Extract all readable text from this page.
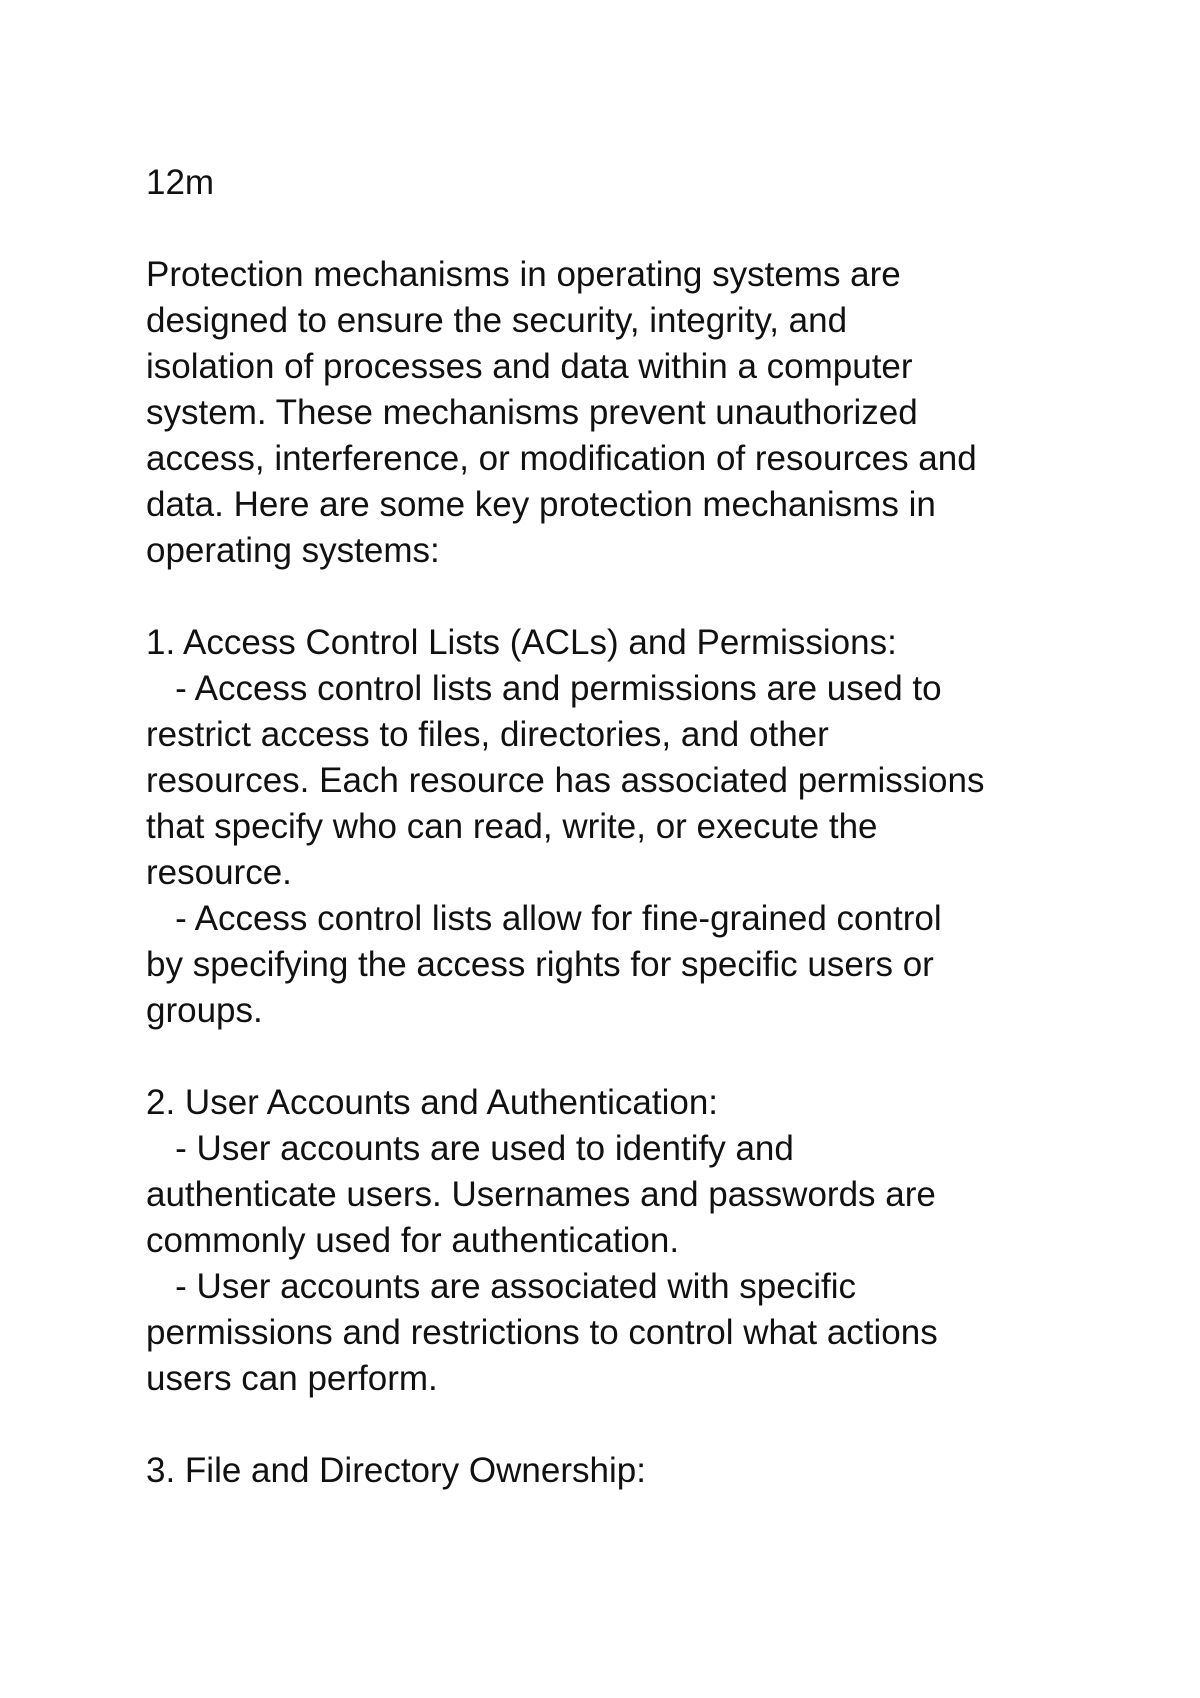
12m
Protection mechanisms in operating systems are
designed to ensure the security, integrity, and
isolation of processes and data within a computer
system. These mechanisms prevent unauthorized
access, interference, or modification of resources and
data. Here are some key protection mechanisms in
operating systems:
1. Access Control Lists (ACLs) and Permissions:
- Access control lists and permissions are used to
restrict access to files, directories, and other
resources. Each resource has associated permissions
that specify who can read, write, or execute the
resource.
- Access control lists allow for fine-grained control
by specifying the access rights for specific users or
groups.
2. User Accounts and Authentication:
- User accounts are used to identify and
authenticate users. Usernames and passwords are
commonly used for authentication.
- User accounts are associated with specific
permissions and restrictions to control what actions
users can perform.
3. File and Directory Ownership:
